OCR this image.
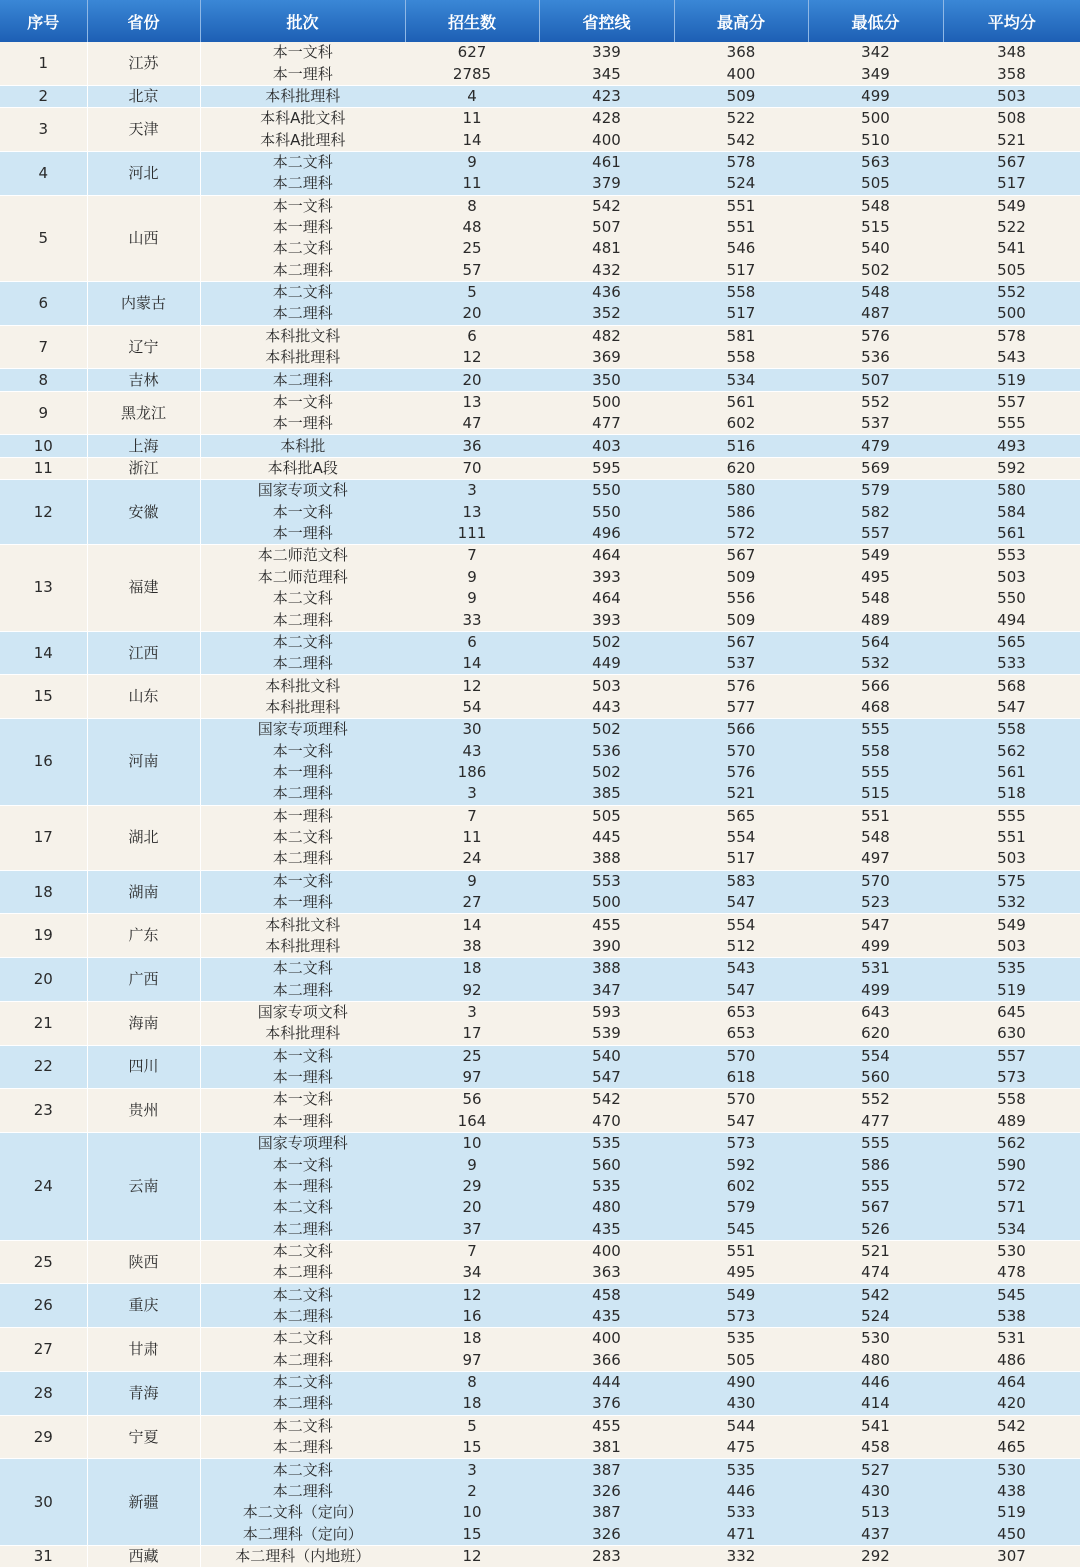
序号	省份	批次	招生数	省控线	最高分	最低分	平均分
1	江苏	本一文科	627	339	368	342	348
		本一理科	2785	345	400	349	358
2	北京	本科批理科	4	423	509	499	503
3	天津	本科A批文科	11	428	522	500	508
		本科A批理科	14	400	542	510	521
4	河北	本二文科	9	461	578	563	567
		本二理科	11	379	524	505	517
5	山西	本一文科	8	542	551	548	549
		本一理科	48	507	551	515	522
		本二文科	25	481	546	540	541
		本二理科	57	432	517	502	505
6	内蒙古	本二文科	5	436	558	548	552
		本二理科	20	352	517	487	500
7	辽宁	本科批文科	6	482	581	576	578
		本科批理科	12	369	558	536	543
8	吉林	本二理科	20	350	534	507	519
9	黑龙江	本一文科	13	500	561	552	557
		本一理科	47	477	602	537	555
10	上海	本科批	36	403	516	479	493
11	浙江	本科批A段	70	595	620	569	592
12	安徽	国家专项文科	3	550	580	579	580
		本一文科	13	550	586	582	584
		本一理科	111	496	572	557	561
13	福建	本二师范文科	7	464	567	549	553
		本二师范理科	9	393	509	495	503
		本二文科	9	464	556	548	550
		本二理科	33	393	509	489	494
14	江西	本二文科	6	502	567	564	565
		本二理科	14	449	537	532	533
15	山东	本科批文科	12	503	576	566	568
		本科批理科	54	443	577	468	547
16	河南	国家专项理科	30	502	566	555	558
		本一文科	43	536	570	558	562
		本一理科	186	502	576	555	561
		本二理科	3	385	521	515	518
17	湖北	本一理科	7	505	565	551	555
		本二文科	11	445	554	548	551
		本二理科	24	388	517	497	503
18	湖南	本一文科	9	553	583	570	575
		本一理科	27	500	547	523	532
19	广东	本科批文科	14	455	554	547	549
		本科批理科	38	390	512	499	503
20	广西	本二文科	18	388	543	531	535
		本二理科	92	347	547	499	519
21	海南	国家专项文科	3	593	653	643	645
		本科批理科	17	539	653	620	630
22	四川	本一文科	25	540	570	554	557
		本一理科	97	547	618	560	573
23	贵州	本一文科	56	542	570	552	558
		本一理科	164	470	547	477	489
24	云南	国家专项理科	10	535	573	555	562
		本一文科	9	560	592	586	590
		本一理科	29	535	602	555	572
		本二文科	20	480	579	567	571
		本二理科	37	435	545	526	534
25	陕西	本二文科	7	400	551	521	530
		本二理科	34	363	495	474	478
26	重庆	本二文科	12	458	549	542	545
		本二理科	16	435	573	524	538
27	甘肃	本二文科	18	400	535	530	531
		本二理科	97	366	505	480	486
28	青海	本二文科	8	444	490	446	464
		本二理科	18	376	430	414	420
29	宁夏	本二文科	5	455	544	541	542
		本二理科	15	381	475	458	465
30	新疆	本二文科	3	387	535	527	530
		本二理科	2	326	446	430	438
		本二文科（定向）	10	387	533	513	519
		本二理科（定向）	15	326	471	437	450
31	西藏	本二理科（内地班）	12	283	332	292	307
